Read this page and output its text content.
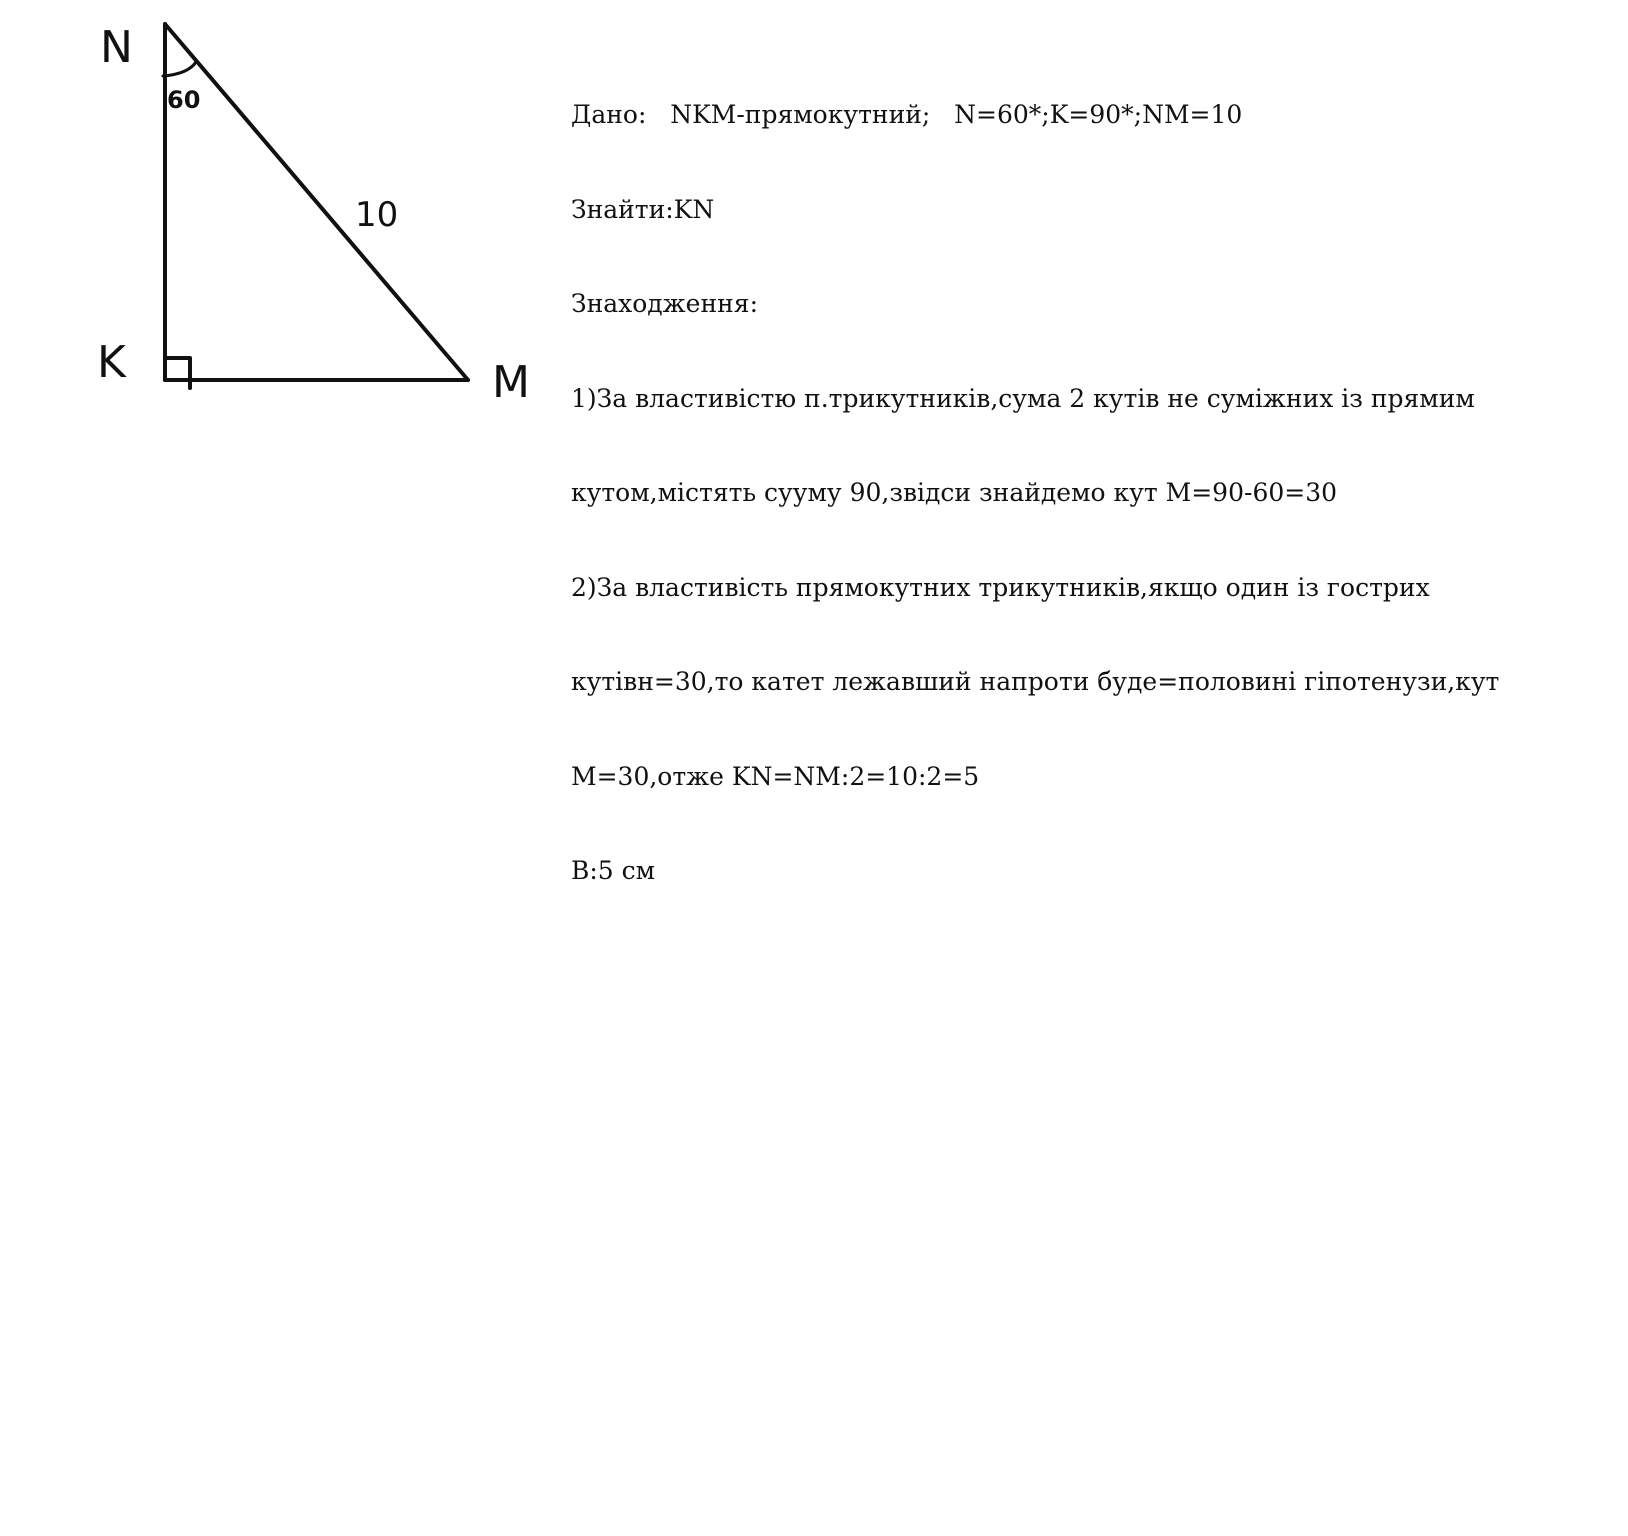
N
K	M
10
60

	Дано:   NKM-прямокутний;   N=60*;K=90*;NM=10

Знайти:KN

Знаходження:

1)За властивістю п.трикутників,сума 2 кутів не суміжних із прямим

кутом,містять сууму 90,звідси знайдемо кут M=90-60=30

2)За властивість прямокутних трикутників,якщо один із гострих

кутівн=30,то катет лежавший напроти буде=половині гіпотенузи,кут

M=30,отже KN=NM:2=10:2=5

В:5 см
